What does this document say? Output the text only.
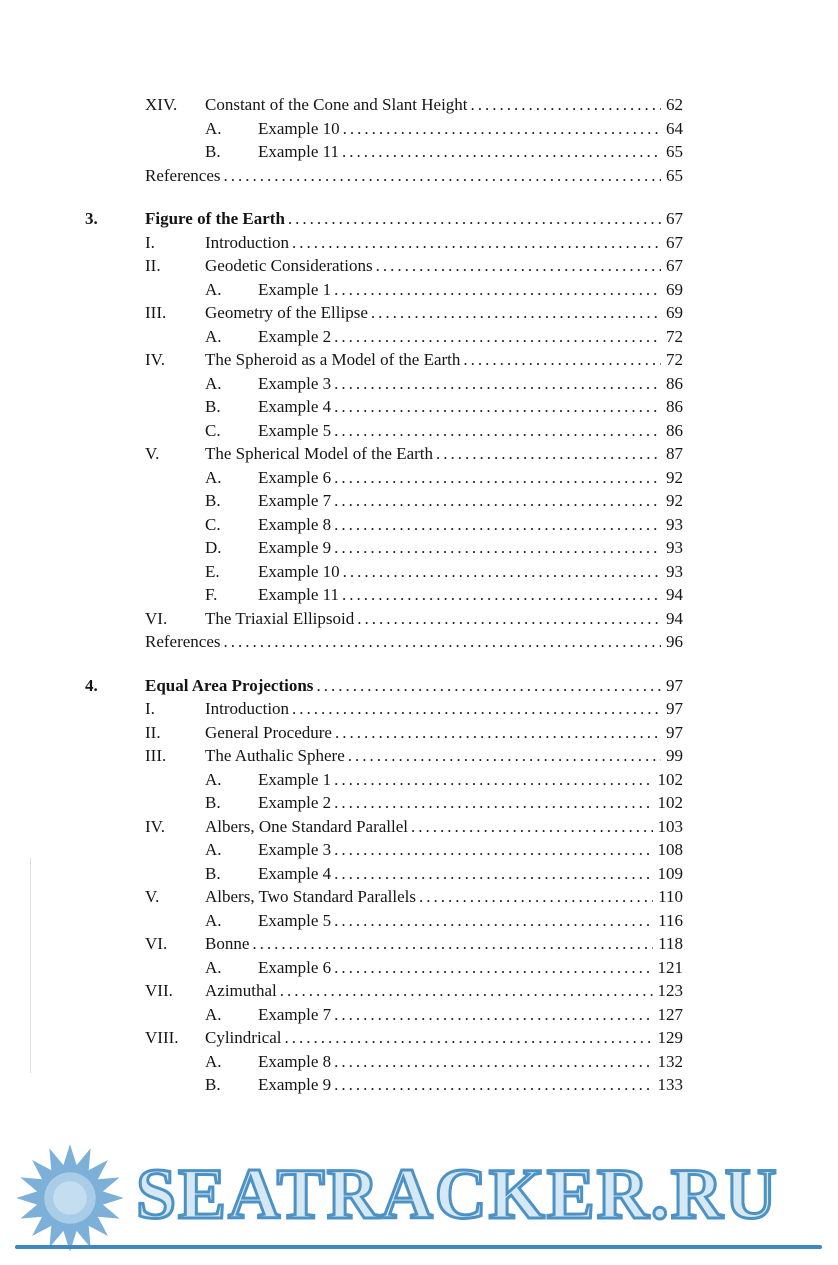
XIV.	Constant of the Cone and Slant Height .....	62
A.	Example 10 .....	64
B.	Example 11 .....	65
References .....	65
3.	Figure of the Earth .....	67
I.	Introduction .....	67
II.	Geodetic Considerations .....	67
A.	Example 1 .....	69
III.	Geometry of the Ellipse .....	69
A.	Example 2 .....	72
IV.	The Spheroid as a Model of the Earth .....	72
A.	Example 3 .....	86
B.	Example 4 .....	86
C.	Example 5 .....	86
V.	The Spherical Model of the Earth .....	87
A.	Example 6 .....	92
B.	Example 7 .....	92
C.	Example 8 .....	93
D.	Example 9 .....	93
E.	Example 10 .....	93
F.	Example 11 .....	94
VI.	The Triaxial Ellipsoid .....	94
References .....	96
4.	Equal Area Projections .....	97
I.	Introduction .....	97
II.	General Procedure .....	97
III.	The Authalic Sphere .....	99
A.	Example 1 .....	102
B.	Example 2 .....	102
IV.	Albers, One Standard Parallel .....	103
A.	Example 3 .....	108
B.	Example 4 .....	109
V.	Albers, Two Standard Parallels .....	110
A.	Example 5 .....	116
VI.	Bonne .....	118
A.	Example 6 .....	121
VII.	Azimuthal .....	123
A.	Example 7 .....	127
VIII.	Cylindrical .....	129
A.	Example 8 .....	132
B.	Example 9 .....	133
SEATRACKER.RU
